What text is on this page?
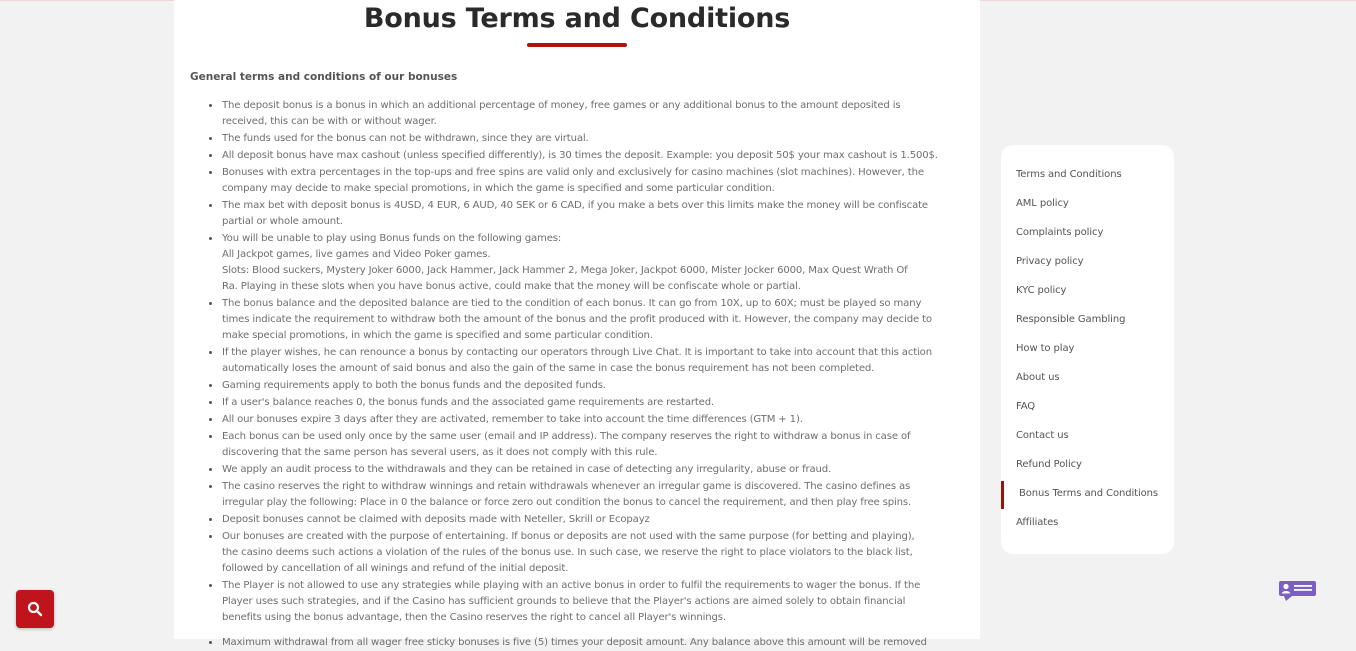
Bonus Terms and Conditions
General terms and conditions of our bonuses
• The deposit bonus is a bonus in which an additional percentage of money, free games or any additional bonus to the amount deposited is
received, this can be with or without wager.
• The funds used for the bonus can not be withdrawn, since they are virtual.
• All deposit bonus have max cashout (unless specified differently), is 30 times the deposit. Example: you deposit 50$ your max cashout is 1.500$.
• Bonuses with extra percentages in the top-ups and free spins are valid only and exclusively for casino machines (slot machines). However, the
company may decide to make special promotions, in which the game is specified and some particular condition.
• The max bet with deposit bonus is 4USD, 4 EUR, 6 AUD, 40 SEK or 6 CAD, if you make a bets over this limits make the money will be confiscate
partial or whole amount.
• You will be unable to play using Bonus funds on the following games:
All Jackpot games, live games and Video Poker games.
Slots: Blood suckers, Mystery Joker 6000, Jack Hammer, Jack Hammer 2, Mega Joker, Jackpot 6000, Mister Jocker 6000, Max Quest Wrath Of
Ra. Playing in these slots when you have bonus active, could make that the money will be confiscate whole or partial.
• The bonus balance and the deposited balance are tied to the condition of each bonus. It can go from 10X, up to 60X; must be played so many
times indicate the requirement to withdraw both the amount of the bonus and the profit produced with it. However, the company may decide to
make special promotions, in which the game is specified and some particular condition.
• If the player wishes, he can renounce a bonus by contacting our operators through Live Chat. It is important to take into account that this action
automatically loses the amount of said bonus and also the gain of the same in case the bonus requirement has not been completed.
• Gaming requirements apply to both the bonus funds and the deposited funds.
• If a user's balance reaches 0, the bonus funds and the associated game requirements are restarted.
• All our bonuses expire 3 days after they are activated, remember to take into account the time differences (GTM + 1).
• Each bonus can be used only once by the same user (email and IP address). The company reserves the right to withdraw a bonus in case of
discovering that the same person has several users, as it does not comply with this rule.
• We apply an audit process to the withdrawals and they can be retained in case of detecting any irregularity, abuse or fraud.
• The casino reserves the right to withdraw winnings and retain withdrawals whenever an irregular game is discovered. The casino defines as
irregular play the following: Place in 0 the balance or force zero out condition the bonus to cancel the requirement, and then play free spins.
• Deposit bonuses cannot be claimed with deposits made with Neteller, Skrill or Ecopayz
• Our bonuses are created with the purpose of entertaining. If bonus or deposits are not used with the same purpose (for betting and playing),
the casino deems such actions a violation of the rules of the bonus use. In such case, we reserve the right to place violators to the black list,
followed by cancellation of all winings and refund of the initial deposit.
• The Player is not allowed to use any strategies while playing with an active bonus in order to fulfil the requirements to wager the bonus. If the
Player uses such strategies, and if the Casino has sufficient grounds to believe that the Player's actions are aimed solely to obtain financial
benefits using the bonus advantage, then the Casino reserves the right to cancel all Player's winnings.
• Maximum withdrawal from all wager free sticky bonuses is five (5) times your deposit amount. Any balance above this amount will be removed
Terms and Conditions
AML policy
Complaints policy
Privacy policy
KYC policy
Responsible Gambling
How to play
About us
FAQ
Contact us
Refund Policy
Bonus Terms and Conditions
Affiliates
